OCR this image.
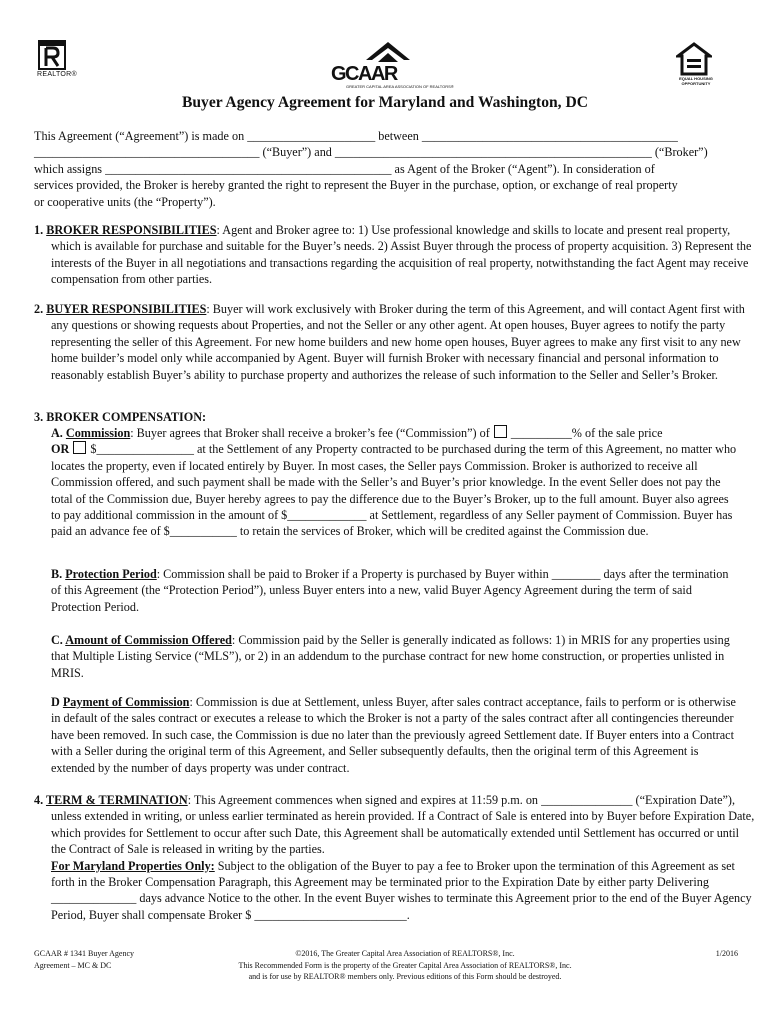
REALTOR®	GCAAR
GREATER CAPITAL AREA ASSOCIATION OF REALTORS®
EQUAL HOUSING OPPORTUNITY
Buyer Agency Agreement for Maryland and Washington, DC

This Agreement (“Agreement”) is made on _____________________ between __________________________________________

_____________________________________ (“Buyer”) and ____________________________________________________ (“Broker”)

which assigns _______________________________________________ as Agent of the Broker (“Agent”). In consideration of

services provided, the Broker is hereby granted the right to represent the Buyer in the purchase, option, or exchange of real property

or cooperative units (the “Property”).

1. BROKER RESPONSIBILITIES: Agent and Broker agree to: 1) Use professional knowledge and skills to locate and present real property, which is available for purchase and suitable for the Buyer’s needs. 2) Assist Buyer through the process of property acquisition. 3) Represent the interests of the Buyer in all negotiations and transactions regarding the acquisition of real property, notwithstanding the fact Agent may receive compensation from other parties.
2. BUYER RESPONSIBILITIES: Buyer will work exclusively with Broker during the term of this Agreement, and will contact Agent first with any questions or showing requests about Properties, and not the Seller or any other agent. At open houses, Buyer agrees to notify the party representing the seller of this Agreement. For new home builders and new home open houses, Buyer agrees to make any first visit to any new home builder’s model only while accompanied by Agent. Buyer will furnish Broker with necessary financial and personal information to reasonably establish Buyer’s ability to purchase property and authorizes the release of such information to the Seller and Seller’s Broker.
3. BROKER COMPENSATION:
A. Commission: Buyer agrees that Broker shall receive a broker’s fee (“Commission”) of  __________% of the sale price
OR  $________________ at the Settlement of any Property contracted to be purchased during the term of this Agreement, no matter who locates the property, even if located entirely by Buyer. In most cases, the Seller pays Commission. Broker is authorized to receive all Commission offered, and such payment shall be made with the Seller’s and Buyer’s prior knowledge. In the event Seller does not pay the total of the Commission due, Buyer hereby agrees to pay the difference due to the Buyer’s Broker, up to the full amount. Buyer also agrees to pay additional commission in the amount of $_____________ at Settlement, regardless of any Seller payment of Commission. Buyer has paid an advance fee of $___________ to retain the services of Broker, which will be credited against the Commission due.
B. Protection Period: Commission shall be paid to Broker if a Property is purchased by Buyer within ________ days after the termination of this Agreement (the “Protection Period”), unless Buyer enters into a new, valid Buyer Agency Agreement during the term of said Protection Period.
C. Amount of Commission Offered: Commission paid by the Seller is generally indicated as follows: 1) in MRIS for any properties using that Multiple Listing Service (“MLS”), or 2) in an addendum to the purchase contract for new home construction, or properties unlisted in MRIS.
D Payment of Commission: Commission is due at Settlement, unless Buyer, after sales contract acceptance, fails to perform or is otherwise in default of the sales contract or executes a release to which the Broker is not a party of the sales contract after all contingencies thereunder have been removed. In such case, the Commission is due no later than the previously agreed Settlement date. If Buyer enters into a Contract with a Seller during the original term of this Agreement, and Seller subsequently defaults, then the original term of this Agreement is extended by the number of days property was under contract.
4. TERM & TERMINATION: This Agreement commences when signed and expires at 11:59 p.m. on _______________ (“Expiration Date”), unless extended in writing, or unless earlier terminated as herein provided. If a Contract of Sale is entered into by Buyer before Expiration Date, which provides for Settlement to occur after such Date, this Agreement shall be automatically extended until Settlement has occurred or until the Contract of Sale is released in writing by the parties.
For Maryland Properties Only: Subject to the obligation of the Buyer to pay a fee to Broker upon the termination of this Agreement as set forth in the Broker Compensation Paragraph, this Agreement may be terminated prior to the Expiration Date by either party Delivering ______________ days advance Notice to the other. In the event Buyer wishes to terminate this Agreement prior to the end of the Buyer Agency Period, Buyer shall compensate Broker $ _________________________.
GCAAR # 1341 Buyer Agency
Agreement – MC & DC
©2016, The Greater Capital Area Association of REALTORS®, Inc.
This Recommended Form is the property of the Greater Capital Area Association of REALTORS®, Inc.
and is for use by REALTOR® members only. Previous editions of this Form should be destroyed.
1/2016
